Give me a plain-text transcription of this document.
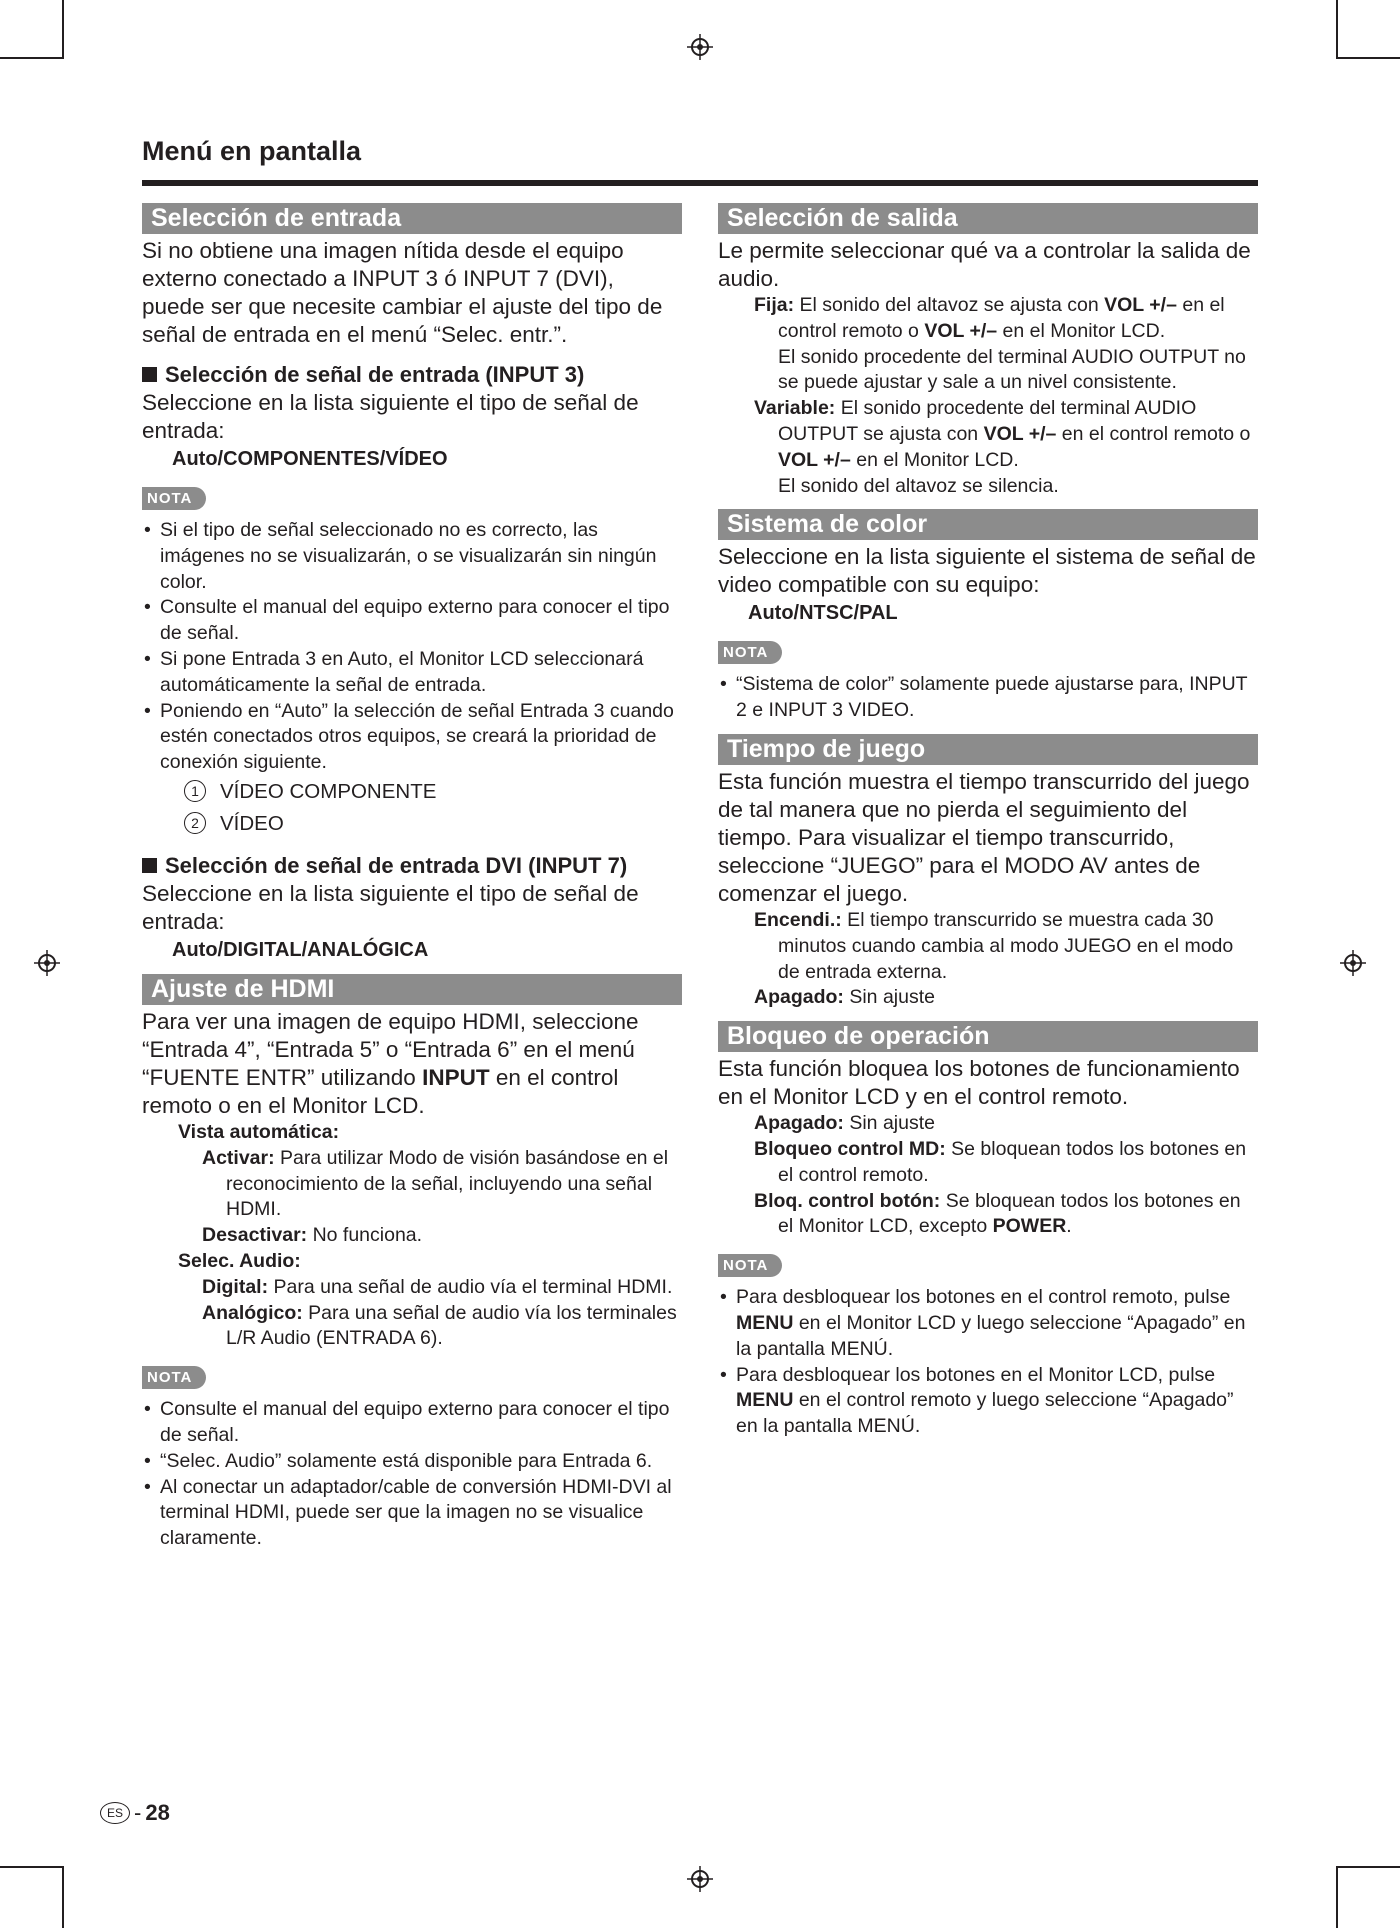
Menú en pantalla
Selección de entrada
Si no obtiene una imagen nítida desde el equipo externo conectado a INPUT 3 ó INPUT 7 (DVI), puede ser que necesite cambiar el ajuste del tipo de señal de entrada en el menú “Selec. entr.”.
Selección de señal de entrada (INPUT 3)
Seleccione en la lista siguiente el tipo de señal de entrada:
Auto/COMPONENTES/VÍDEO
NOTA
• Si el tipo de señal seleccionado no es correcto, las imágenes no se visualizarán, o se visualizarán sin ningún color.
• Consulte el manual del equipo externo para conocer el tipo de señal.
• Si pone Entrada 3 en Auto, el Monitor LCD seleccionará automáticamente la señal de entrada.
• Poniendo en “Auto” la selección de señal Entrada 3 cuando estén conectados otros equipos, se creará la prioridad de conexión siguiente.
1 VÍDEO COMPONENTE
2 VÍDEO
Selección de señal de entrada DVI (INPUT 7)
Seleccione en la lista siguiente el tipo de señal de entrada:
Auto/DIGITAL/ANALÓGICA
Ajuste de HDMI
Para ver una imagen de equipo HDMI, seleccione “Entrada 4”, “Entrada 5” o “Entrada 6” en el menú “FUENTE ENTR” utilizando INPUT en el control remoto o en el Monitor LCD.
Vista automática:
Activar: Para utilizar Modo de visión basándose en el reconocimiento de la señal, incluyendo una señal HDMI.
Desactivar: No funciona.
Selec. Audio:
Digital: Para una señal de audio vía el terminal HDMI.
Analógico: Para una señal de audio vía los terminales L/R Audio (ENTRADA 6).
NOTA
• Consulte el manual del equipo externo para conocer el tipo de señal.
• “Selec. Audio” solamente está disponible para Entrada 6.
• Al conectar un adaptador/cable de conversión HDMI-DVI al terminal HDMI, puede ser que la imagen no se visualice claramente.
Selección de salida
Le permite seleccionar qué va a controlar la salida de audio.
Fija: El sonido del altavoz se ajusta con VOL +/– en el control remoto o VOL +/– en el Monitor LCD.
El sonido procedente del terminal AUDIO OUTPUT no se puede ajustar y sale a un nivel consistente.
Variable: El sonido procedente del terminal AUDIO OUTPUT se ajusta con VOL +/– en el control remoto o VOL +/– en el Monitor LCD.
El sonido del altavoz se silencia.
Sistema de color
Seleccione en la lista siguiente el sistema de señal de video compatible con su equipo:
Auto/NTSC/PAL
NOTA
• “Sistema de color” solamente puede ajustarse para, INPUT 2 e INPUT 3 VIDEO.
Tiempo de juego
Esta función muestra el tiempo transcurrido del juego de tal manera que no pierda el seguimiento del tiempo. Para visualizar el tiempo transcurrido, seleccione “JUEGO” para el MODO AV antes de comenzar el juego.
Encendi.: El tiempo transcurrido se muestra cada 30 minutos cuando cambia al modo JUEGO en el modo de entrada externa.
Apagado: Sin ajuste
Bloqueo de operación
Esta función bloquea los botones de funcionamiento en el Monitor LCD y en el control remoto.
Apagado: Sin ajuste
Bloqueo control MD: Se bloquean todos los botones en el control remoto.
Bloq. control botón: Se bloquean todos los botones en el Monitor LCD, excepto POWER.
NOTA
• Para desbloquear los botones en el control remoto, pulse MENU en el Monitor LCD y luego seleccione “Apagado” en la pantalla MENÚ.
• Para desbloquear los botones en el Monitor LCD, pulse MENU en el control remoto y luego seleccione “Apagado” en la pantalla MENÚ.
ES - 28
